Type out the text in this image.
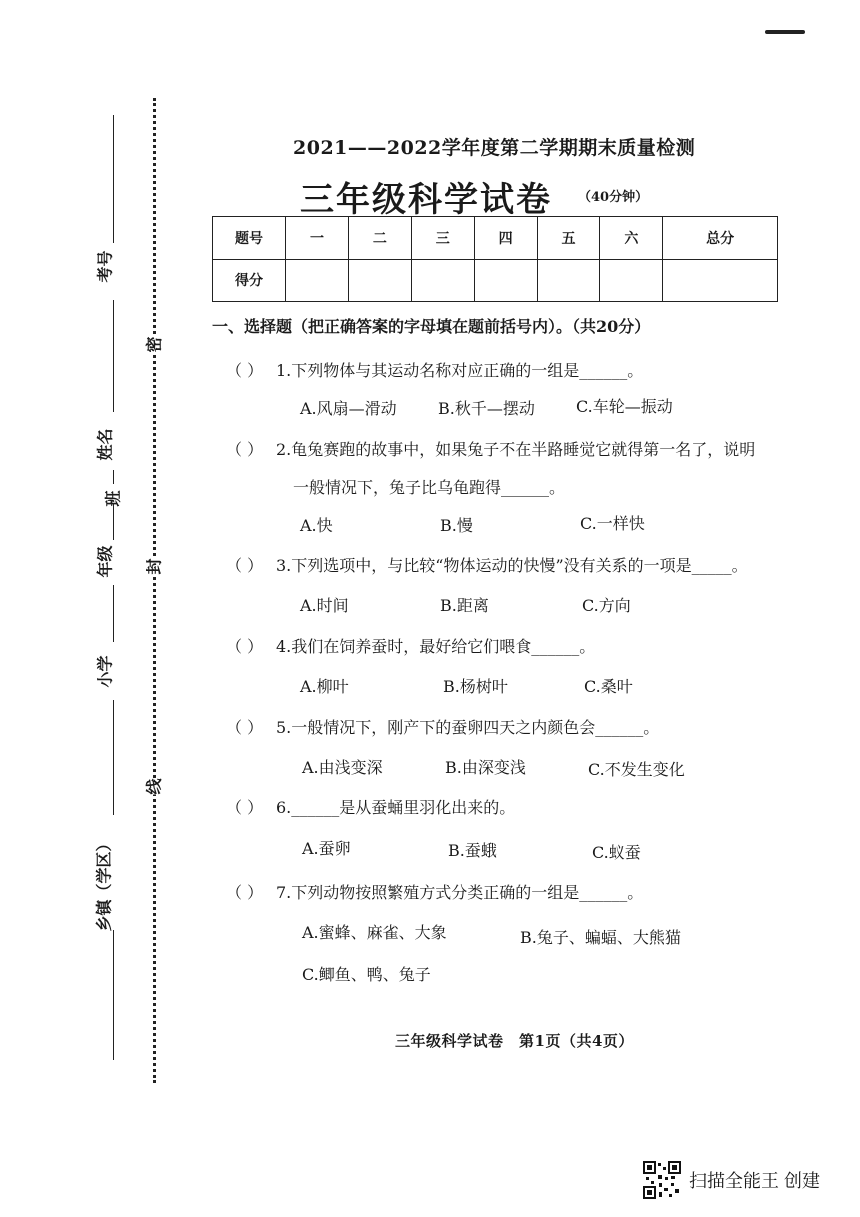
考号
姓名
班
年级
小学
乡镇（学区）
密
封
线
2021——2022学年度第二学期期末质量检测
三年级科学试卷 （40分钟）
题号	一	二	三	四	五	六	总分
得分							
一、选择题（把正确答案的字母填在题前括号内）。（共20分）
（ ） 1.下列物体与其运动名称对应正确的一组是______。
A.风扇—滑动	B.秋千—摆动	C.车轮—振动
（ ） 2.龟兔赛跑的故事中，如果兔子不在半路睡觉它就得第一名了，说明
一般情况下，兔子比乌龟跑得______。
A.快	B.慢	C.一样快
（ ） 3.下列选项中，与比较“物体运动的快慢”没有关系的一项是_____。
A.时间	B.距离	C.方向
（ ） 4.我们在饲养蚕时，最好给它们喂食______。
A.柳叶	B.杨树叶	C.桑叶
（ ） 5.一般情况下，刚产下的蚕卵四天之内颜色会______。
A.由浅变深	B.由深变浅	C.不发生变化
（ ） 6.______是从蚕蛹里羽化出来的。
A.蚕卵	B.蚕蛾	C.蚁蚕
（ ） 7.下列动物按照繁殖方式分类正确的一组是______。
A.蜜蜂、麻雀、大象	B.兔子、蝙蝠、大熊猫
C.鲫鱼、鸭、兔子
三年级科学试卷　第1页（共4页）
扫描全能王 创建
